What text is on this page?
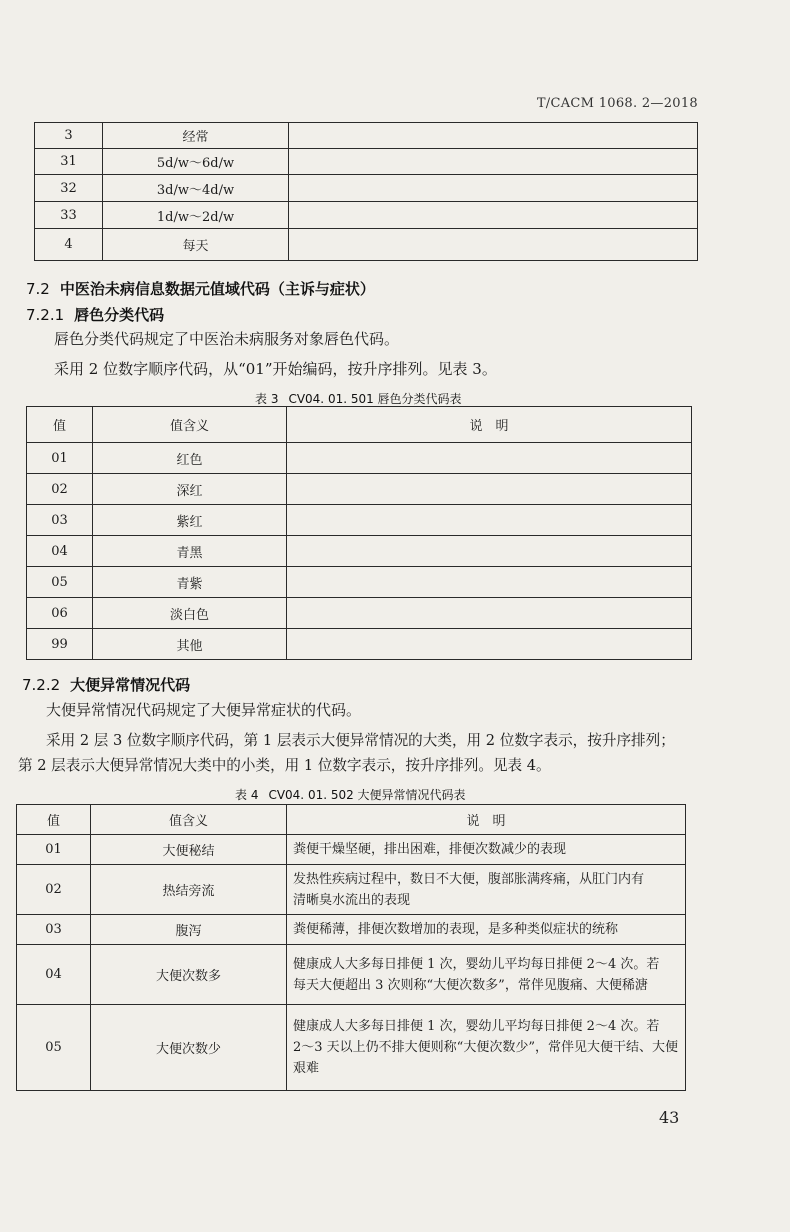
T/CACM 1068. 2—2018
3	经常	
31	5d/w～6d/w	
32	3d/w～4d/w	
33	1d/w～2d/w	
4	每天	
7.2 中医治未病信息数据元值域代码（主诉与症状）
7.2.1 唇色分类代码
唇色分类代码规定了中医治未病服务对象唇色代码。
采用 2 位数字顺序代码，从“01”开始编码，按升序排列。见表 3。
表 3 CV04. 01. 501 唇色分类代码表
值	值含义	说　明
01	红色	
02	深红	
03	紫红	
04	青黑	
05	青紫	
06	淡白色	
99	其他	
7.2.2 大便异常情况代码
大便异常情况代码规定了大便异常症状的代码。
采用 2 层 3 位数字顺序代码，第 1 层表示大便异常情况的大类，用 2 位数字表示，按升序排列；
第 2 层表示大便异常情况大类中的小类，用 1 位数字表示，按升序排列。见表 4。
表 4 CV04. 01. 502 大便异常情况代码表
值	值含义	说　明
01	大便秘结	粪便干燥坚硬，排出困难，排便次数减少的表现

02	热结旁流	发热性疾病过程中，数日不大便，腹部胀满疼痛，从肛门内有
清晰臭水流出的表现

03	腹泻	粪便稀薄，排便次数增加的表现，是多种类似症状的统称

04	大便次数多	健康成人大多每日排便 1 次，婴幼儿平均每日排便 2～4 次。若
每天大便超出 3 次则称“大便次数多”，常伴见腹痛、大便稀溏

05	大便次数少	健康成人大多每日排便 1 次，婴幼儿平均每日排便 2～4 次。若
2～3 天以上仍不排大便则称“大便次数少”，常伴见大便干结、大便
艰难
43
